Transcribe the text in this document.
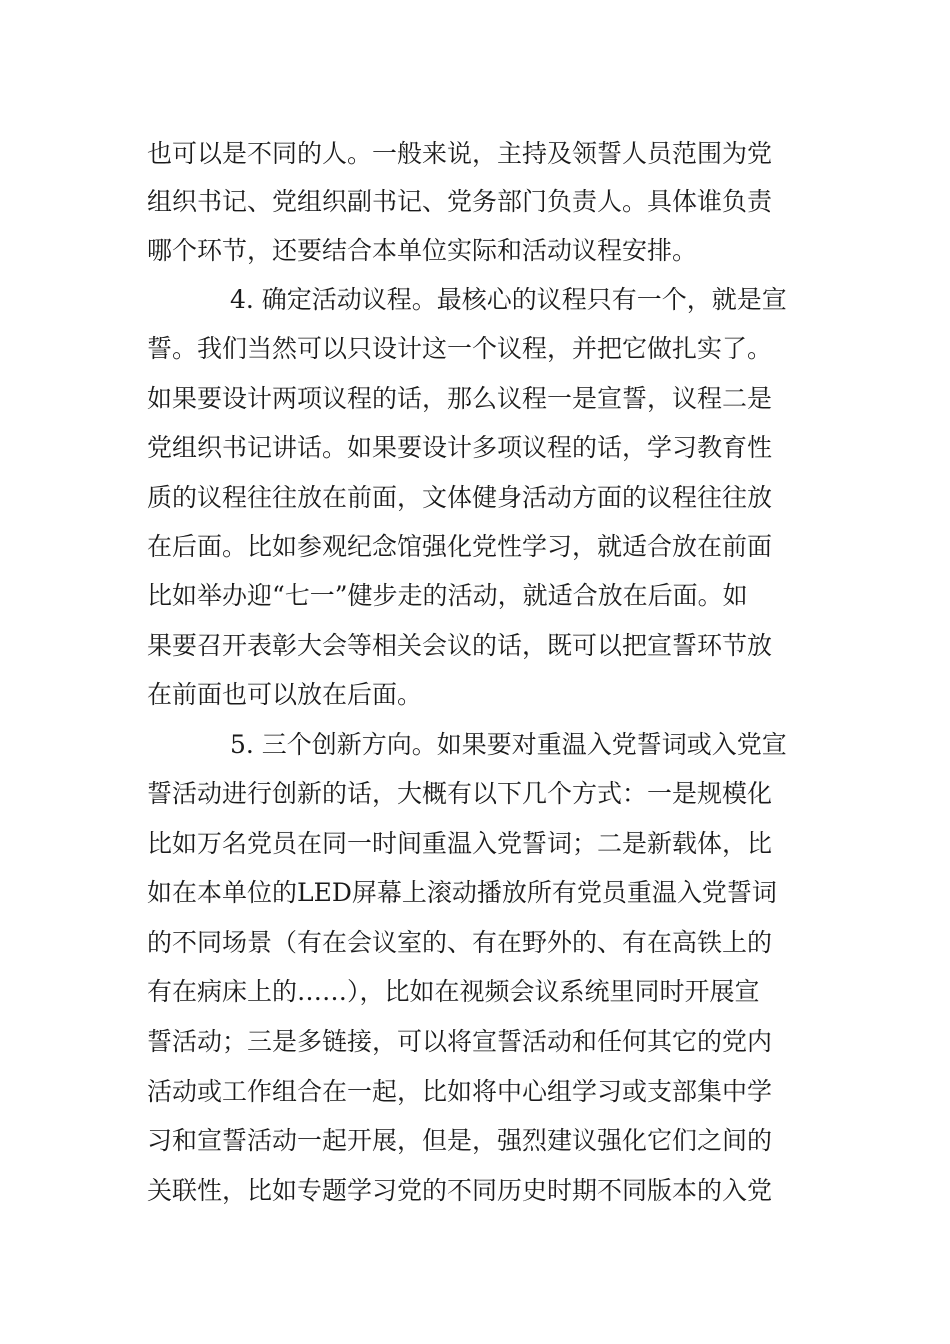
也可以是不同的人。一般来说，主持及领誓人员范围为党

组织书记、党组织副书记、党务部门负责人。具体谁负责

哪个环节，还要结合本单位实际和活动议程安排。

4. 确定活动议程。最核心的议程只有一个，就是宣

誓。我们当然可以只设计这一个议程，并把它做扎实了。

如果要设计两项议程的话，那么议程一是宣誓，议程二是

党组织书记讲话。如果要设计多项议程的话，学习教育性

质的议程往往放在前面，文体健身活动方面的议程往往放

在后面。比如参观纪念馆强化党性学习，就适合放在前面

比如举办迎“七一”健步走的活动，就适合放在后面。如

果要召开表彰大会等相关会议的话，既可以把宣誓环节放

在前面也可以放在后面。

5. 三个创新方向。如果要对重温入党誓词或入党宣

誓活动进行创新的话，大概有以下几个方式：一是规模化

比如万名党员在同一时间重温入党誓词；二是新载体，比

如在本单位的LED屏幕上滚动播放所有党员重温入党誓词

的不同场景（有在会议室的、有在野外的、有在高铁上的

有在病床上的……），比如在视频会议系统里同时开展宣

誓活动；三是多链接，可以将宣誓活动和任何其它的党内

活动或工作组合在一起，比如将中心组学习或支部集中学

习和宣誓活动一起开展，但是，强烈建议强化它们之间的

关联性，比如专题学习党的不同历史时期不同版本的入党
